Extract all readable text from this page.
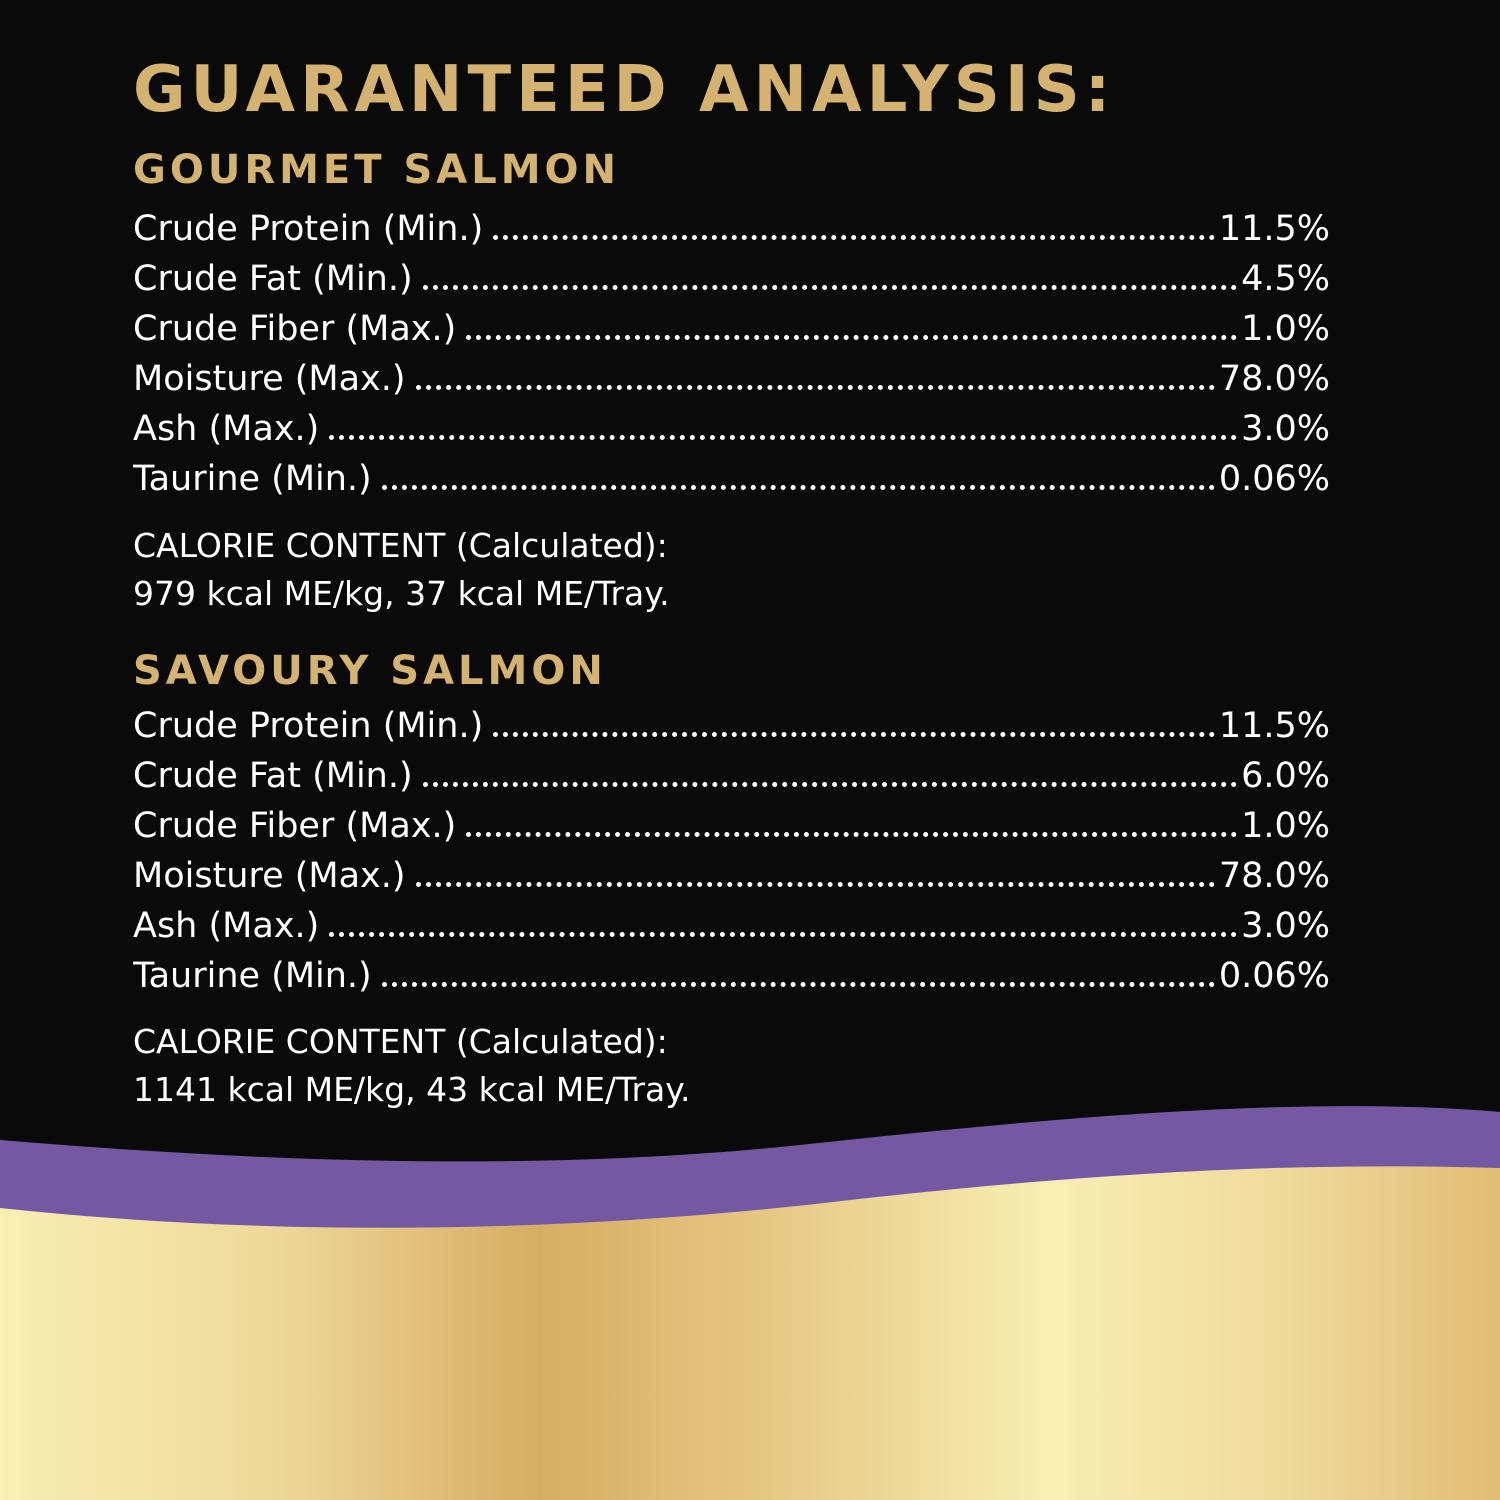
GUARANTEED ANALYSIS:
GOURMET SALMON
Crude Protein (Min.)	11.5%
Crude Fat (Min.)	4.5%
Crude Fiber (Max.)	1.0%
Moisture (Max.)	78.0%
Ash (Max.)	3.0%
Taurine (Min.)	0.06%
CALORIE CONTENT (Calculated):
979 kcal ME/kg, 37 kcal ME/Tray.
SAVOURY SALMON
Crude Protein (Min.)	11.5%
Crude Fat (Min.)	6.0%
Crude Fiber (Max.)	1.0%
Moisture (Max.)	78.0%
Ash (Max.)	3.0%
Taurine (Min.)	0.06%
CALORIE CONTENT (Calculated):
1141 kcal ME/kg, 43 kcal ME/Tray.
